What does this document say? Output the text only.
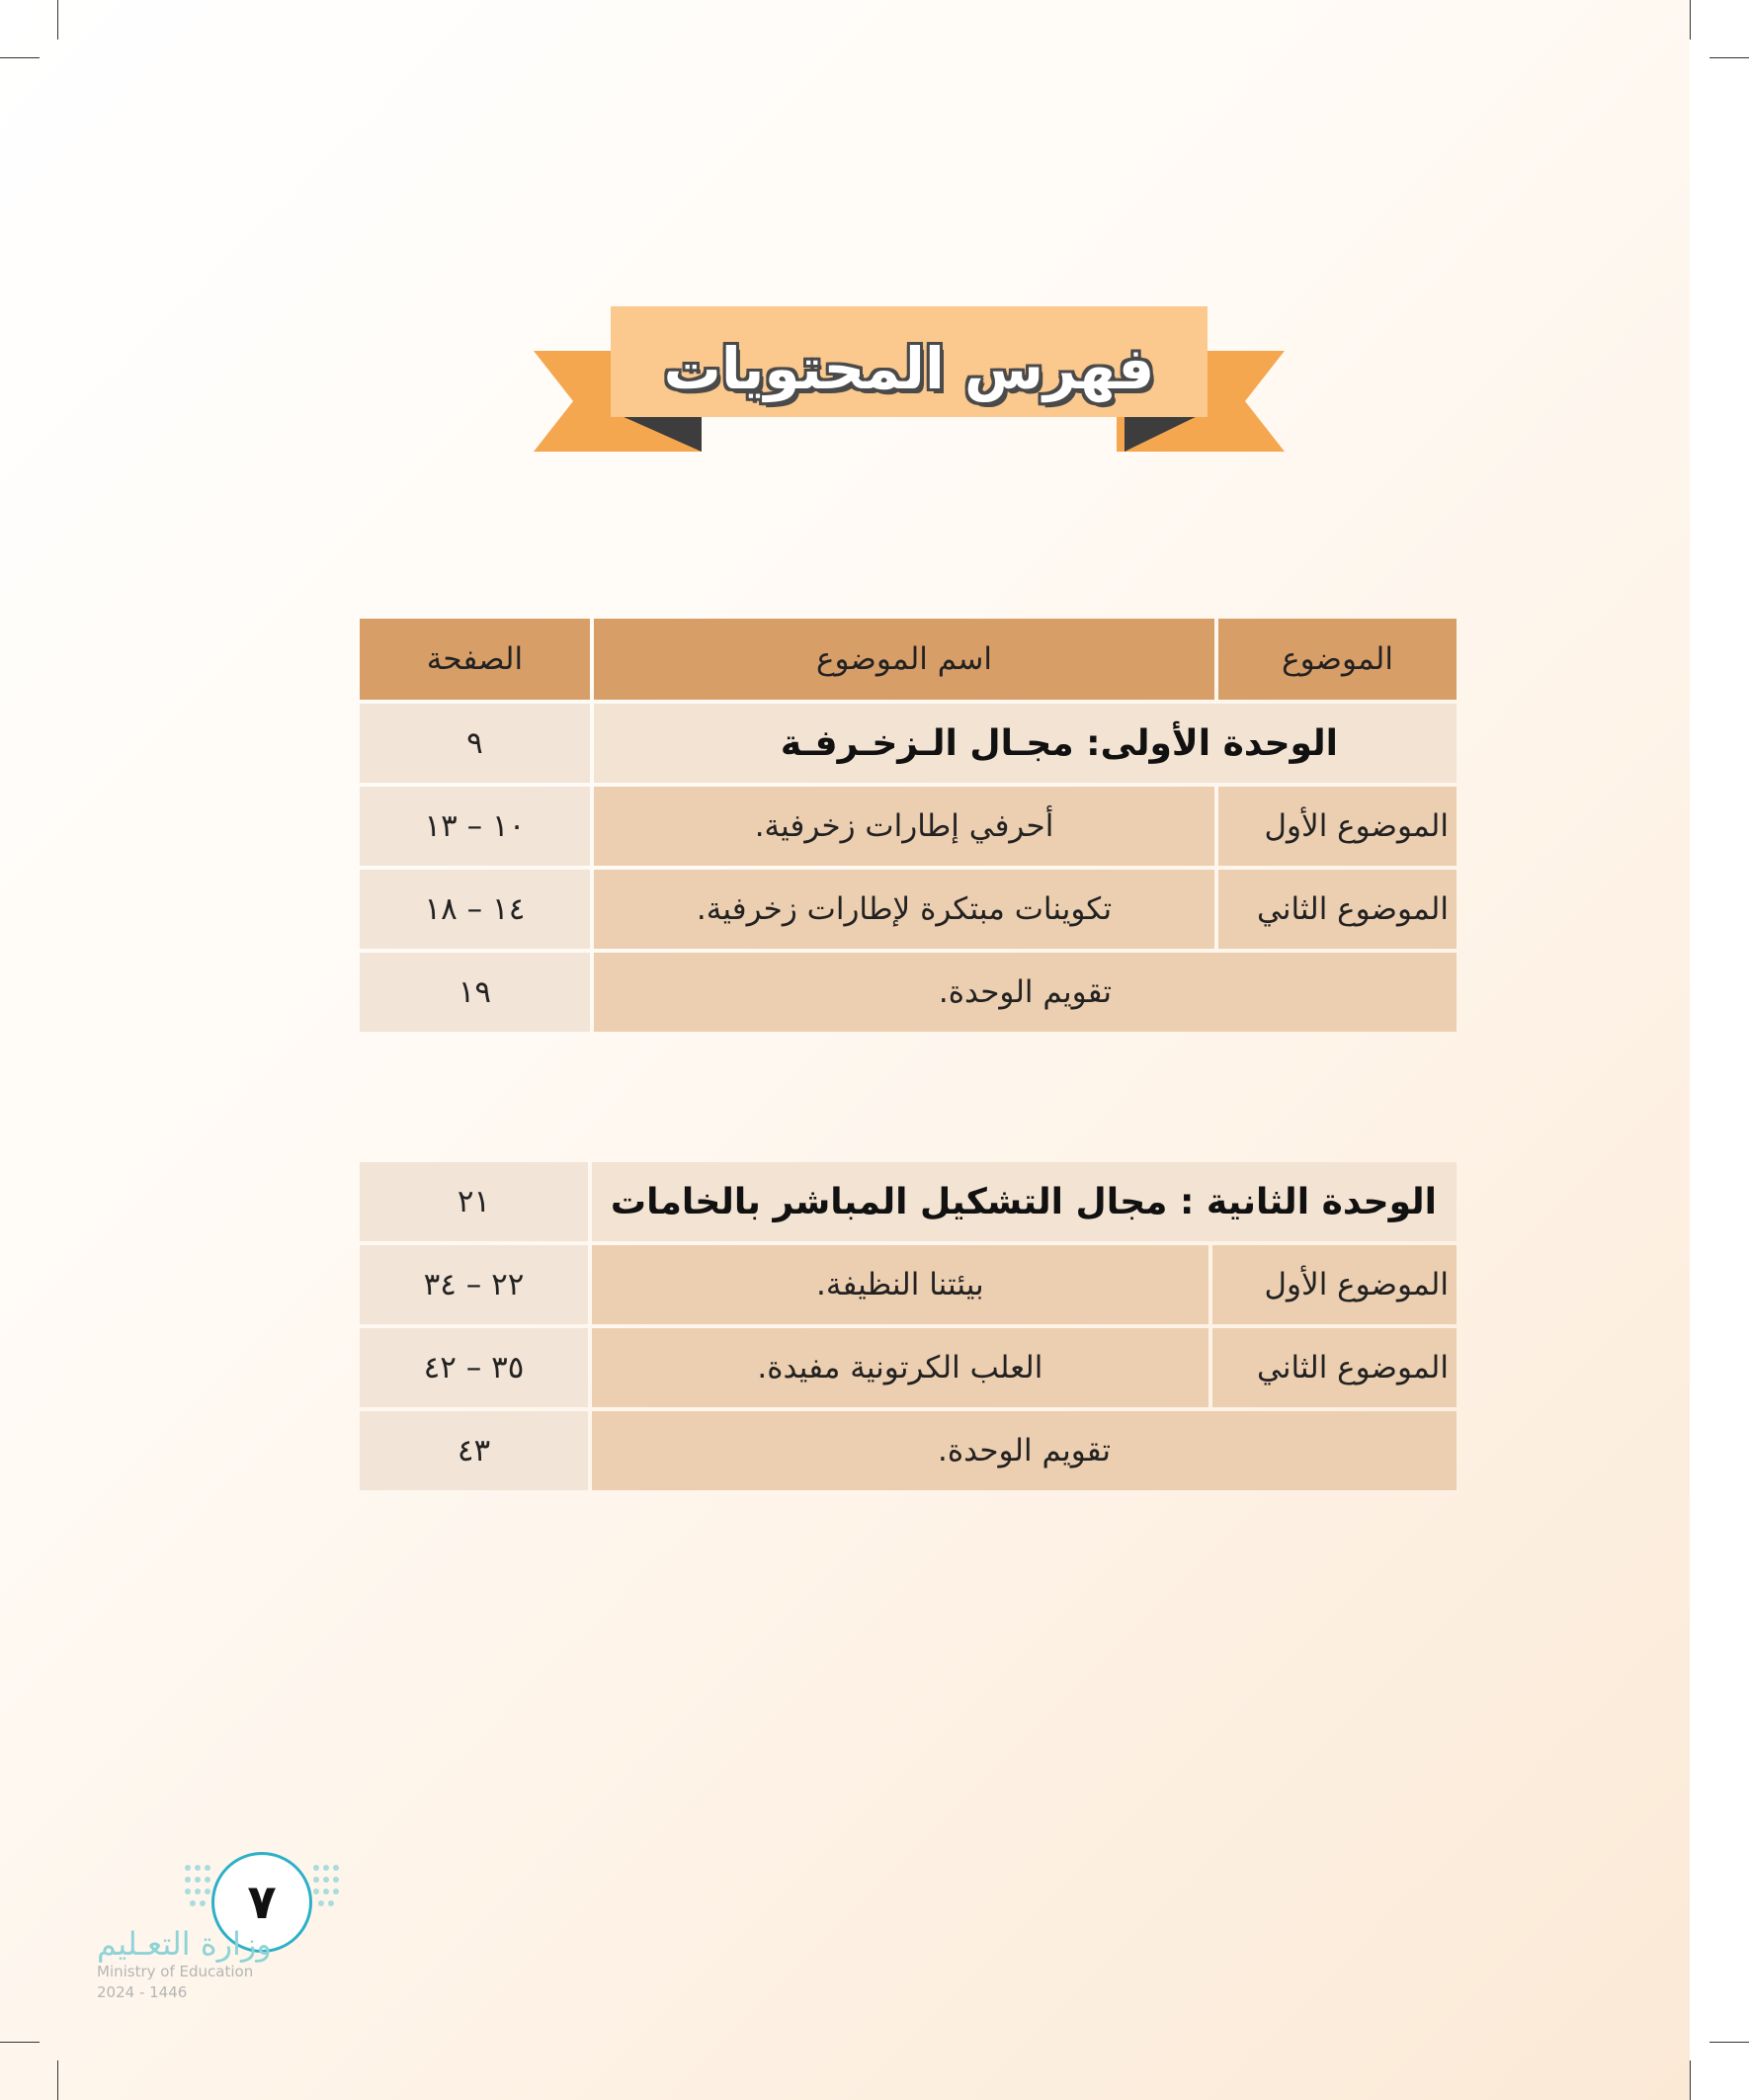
فهرس المحتويات
الموضوع	اسم الموضوع	الصفحة
الوحدة الأولى: مجـال الـزخـرفـة		٩
الموضوع الأول	أحرفي إطارات زخرفية.	١٠ – ١٣
الموضوع الثاني	تكوينات مبتكرة لإطارات زخرفية.	١٤ – ١٨
تقويم الوحدة.		١٩
الوحدة الثانية : مجال التشكيل المباشر بالخامات		٢١
الموضوع الأول	بيئتنا النظيفة.	٢٢ – ٣٤
الموضوع الثاني	العلب الكرتونية مفيدة.	٣٥ – ٤٢
تقويم الوحدة.		٤٣
٧
وزارة التعـليم
Ministry of Education
2024 - 1446
